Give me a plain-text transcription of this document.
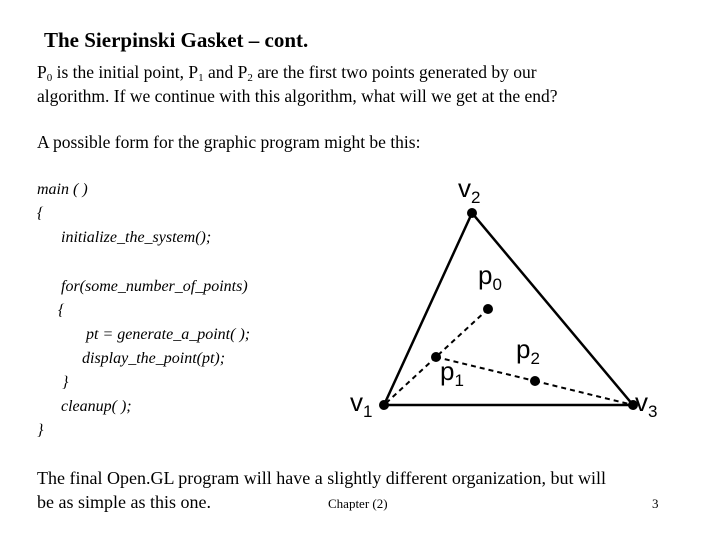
The Sierpinski Gasket – cont.

$P_0$ is the initial point, $P_1$ and $P_2$ are the first two points generated by our

algorithm. If we continue with this algorithm, what will we get at the end?

A possible form for the graphic program might be this:
main ( )
{
initialize_the_system();
for(some_number_of_points)
{
pt = generate_a_point( );
display_the_point(pt);
}
cleanup( );
}
$v_2$
$p_0$
$p_2$
$p_1$
$v_1$	$v_3$

The final Open.GL program will have a slightly different organization, but will

be as simple as this one.	Chapter (2)	3
